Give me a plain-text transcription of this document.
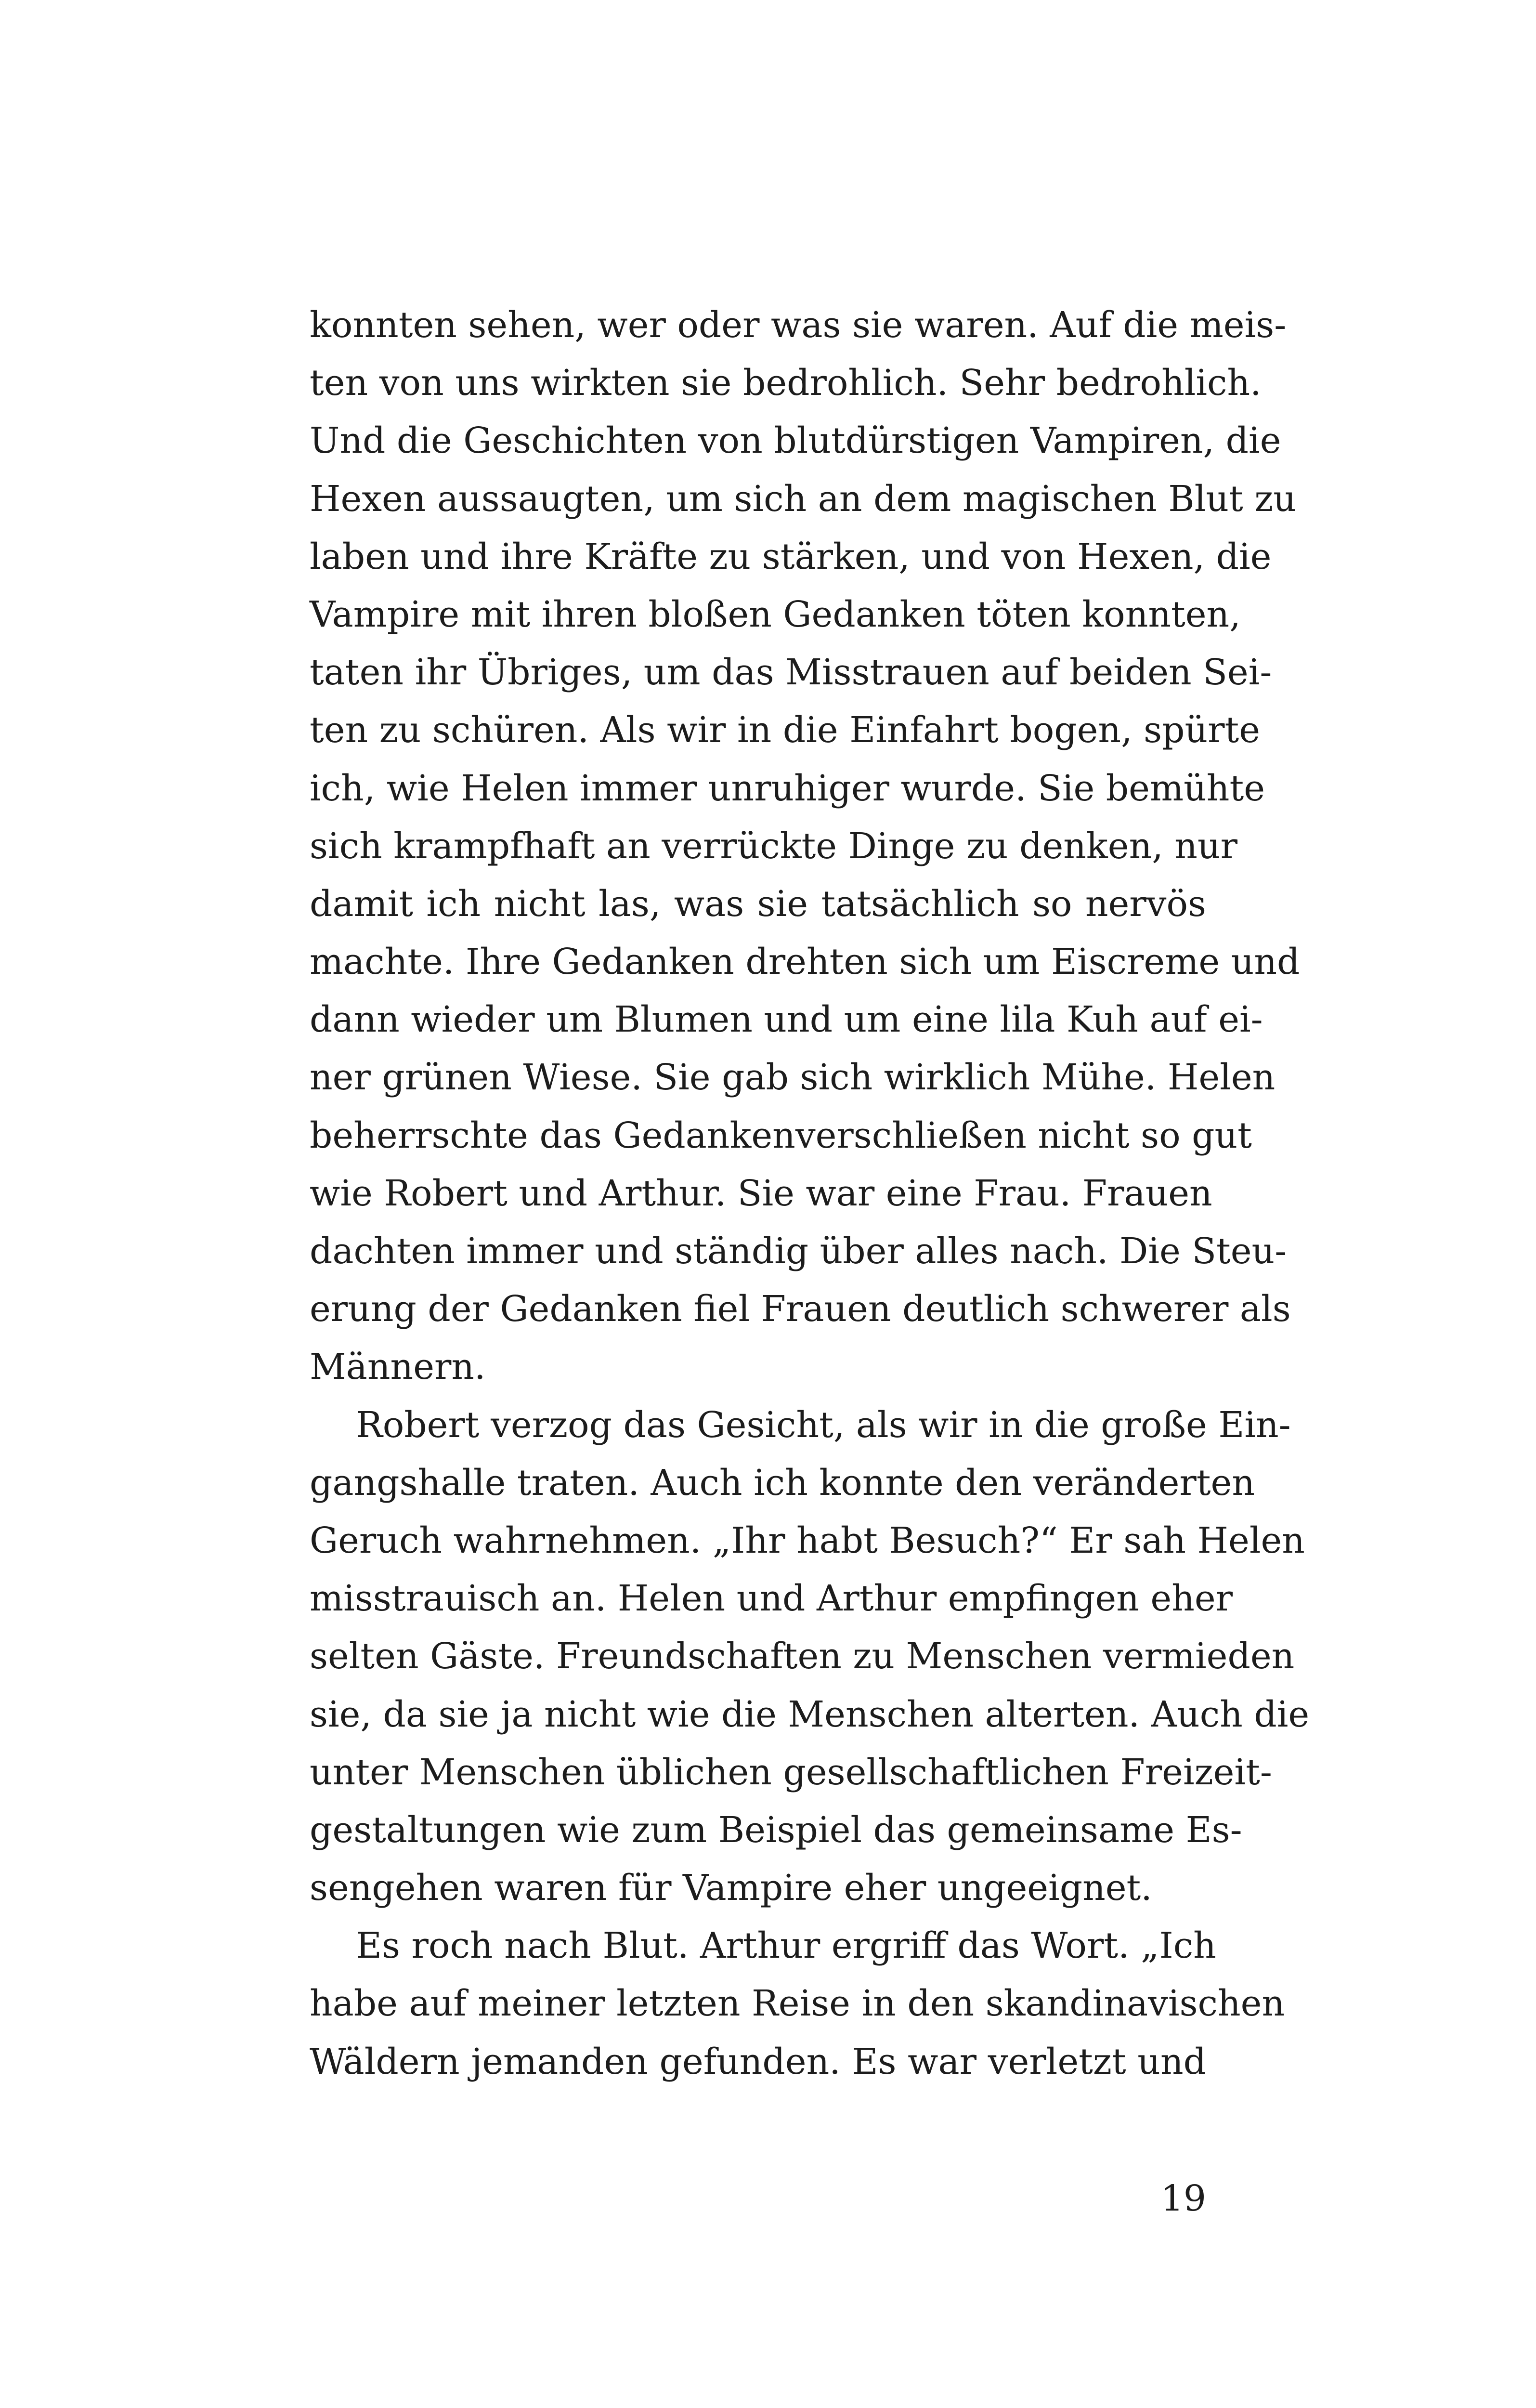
konnten sehen, wer oder was sie waren. Auf die meis-
ten von uns wirkten sie bedrohlich. Sehr bedrohlich.
Und die Geschichten von blutdürstigen Vampiren, die
Hexen aussaugten, um sich an dem magischen Blut zu
laben und ihre Kräfte zu stärken, und von Hexen, die
Vampire mit ihren bloßen Gedanken töten konnten,
taten ihr Übriges, um das Misstrauen auf beiden Sei-
ten zu schüren. Als wir in die Einfahrt bogen, spürte
ich, wie Helen immer unruhiger wurde. Sie bemühte
sich krampfhaft an verrückte Dinge zu denken, nur
damit ich nicht las, was sie tatsächlich so nervös
machte. Ihre Gedanken drehten sich um Eiscreme und
dann wieder um Blumen und um eine lila Kuh auf ei-
ner grünen Wiese. Sie gab sich wirklich Mühe. Helen
beherrschte das Gedankenverschließen nicht so gut
wie Robert und Arthur. Sie war eine Frau. Frauen
dachten immer und ständig über alles nach. Die Steu-
erung der Gedanken fiel Frauen deutlich schwerer als
Männern.
Robert verzog das Gesicht, als wir in die große Ein-
gangshalle traten. Auch ich konnte den veränderten
Geruch wahrnehmen. „Ihr habt Besuch?“ Er sah Helen
misstrauisch an. Helen und Arthur empfingen eher
selten Gäste. Freundschaften zu Menschen vermieden
sie, da sie ja nicht wie die Menschen alterten. Auch die
unter Menschen üblichen gesellschaftlichen Freizeit-
gestaltungen wie zum Beispiel das gemeinsame Es-
sengehen waren für Vampire eher ungeeignet.
Es roch nach Blut. Arthur ergriff das Wort. „Ich
habe auf meiner letzten Reise in den skandinavischen
Wäldern jemanden gefunden. Es war verletzt und
19
